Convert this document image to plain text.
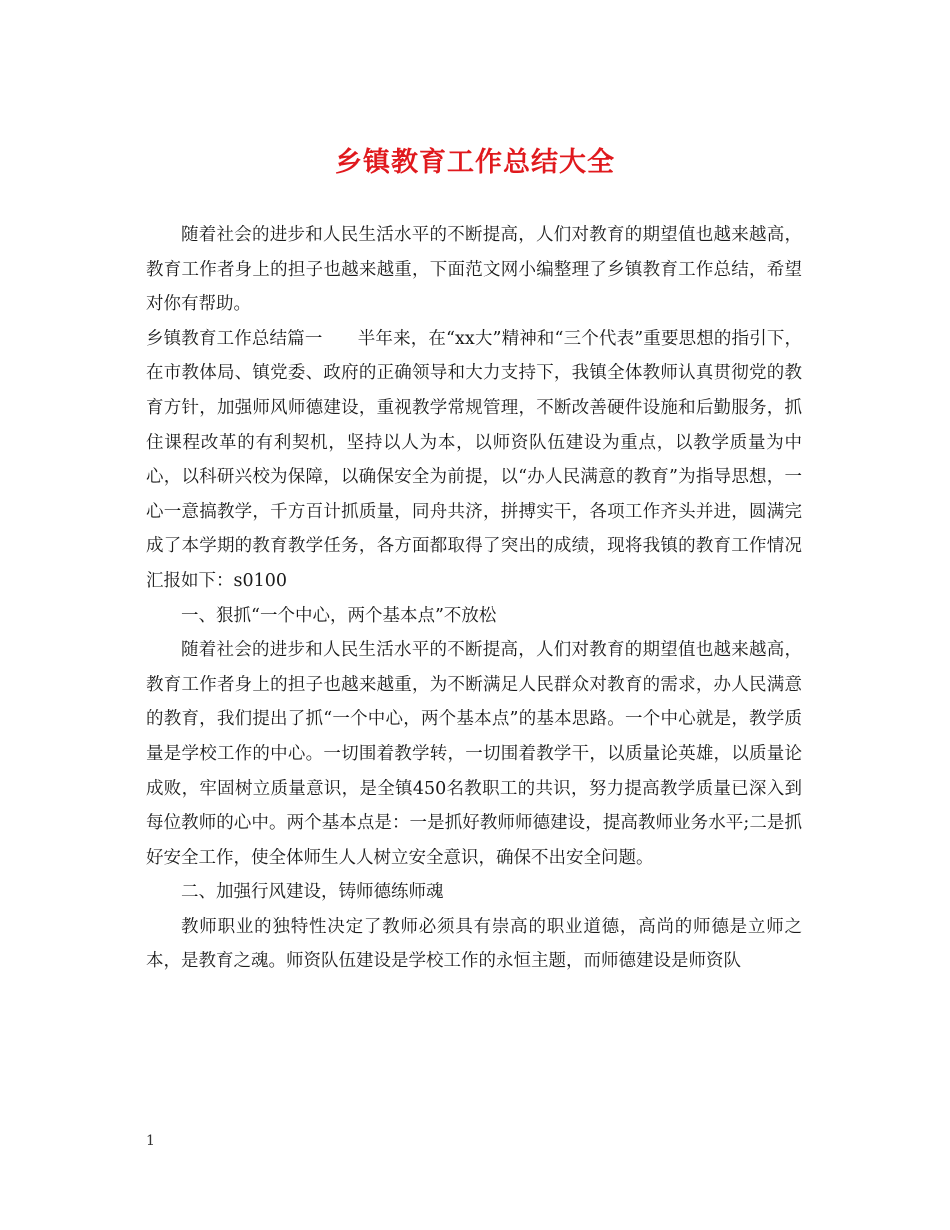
乡镇教育工作总结大全

随着社会的进步和人民生活水平的不断提高，人们对教育的期望值也越来越高，教育工作者身上的担子也越来越重，下面范文网小编整理了乡镇教育工作总结，希望对你有帮助。

乡镇教育工作总结篇一　　半年来，在“xx大”精神和“三个代表”重要思想的指引下，在市教体局、镇党委、政府的正确领导和大力支持下，我镇全体教师认真贯彻党的教育方针，加强师风师德建设，重视教学常规管理，不断改善硬件设施和后勤服务，抓住课程改革的有利契机，坚持以人为本，以师资队伍建设为重点，以教学质量为中心，以科研兴校为保障，以确保安全为前提，以“办人民满意的教育”为指导思想，一心一意搞教学，千方百计抓质量，同舟共济，拼搏实干，各项工作齐头并进，圆满完成了本学期的教育教学任务，各方面都取得了突出的成绩，现将我镇的教育工作情况汇报如下：s0100

一、狠抓“一个中心，两个基本点”不放松

随着社会的进步和人民生活水平的不断提高，人们对教育的期望值也越来越高，教育工作者身上的担子也越来越重，为不断满足人民群众对教育的需求，办人民满意的教育，我们提出了抓“一个中心，两个基本点”的基本思路。一个中心就是，教学质量是学校工作的中心。一切围着教学转，一切围着教学干，以质量论英雄，以质量论成败，牢固树立质量意识，是全镇450名教职工的共识，努力提高教学质量已深入到每位教师的心中。两个基本点是：一是抓好教师师德建设，提高教师业务水平;二是抓好安全工作，使全体师生人人树立安全意识，确保不出安全问题。

二、加强行风建设，铸师德练师魂

教师职业的独特性决定了教师必须具有崇高的职业道德，高尚的师德是立师之本，是教育之魂。师资队伍建设是学校工作的永恒主题，而师德建设是师资队

1
